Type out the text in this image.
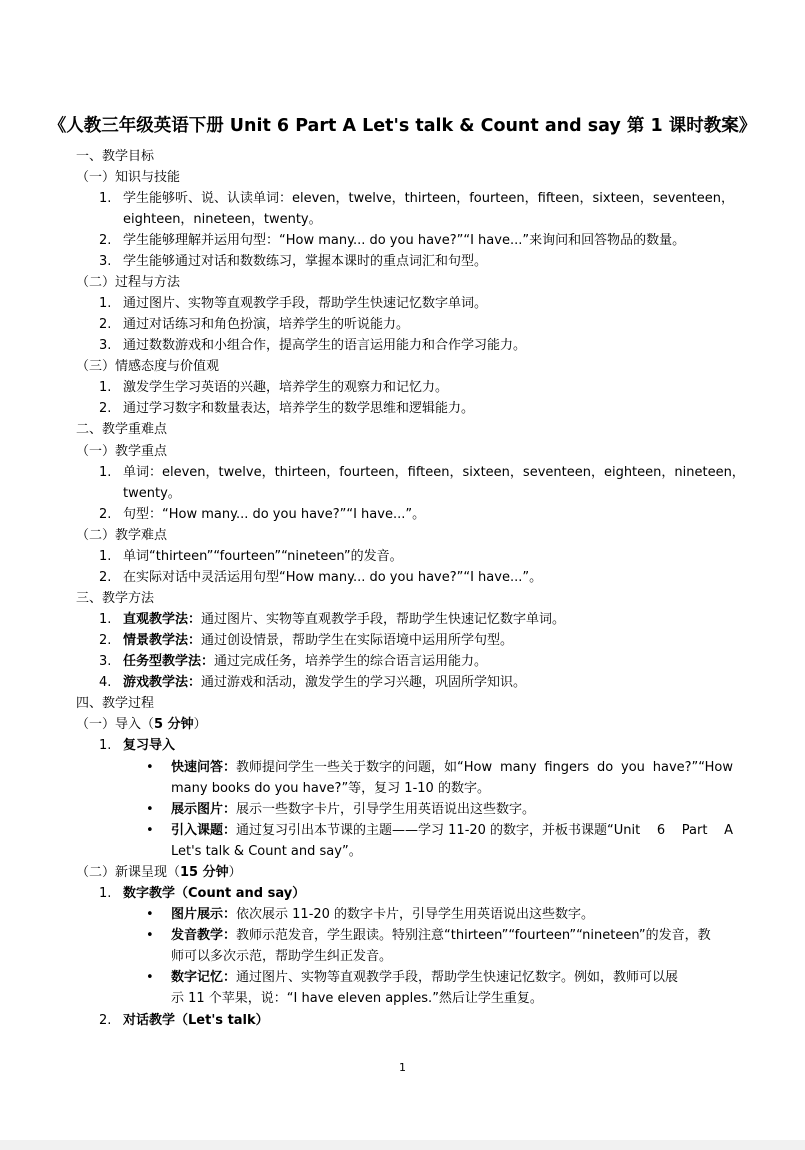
《人教三年级英语下册 Unit 6 Part A Let's talk & Count and say 第 1 课时教案》
一、教学目标
（一）知识与技能
1. 学生能够听、说、认读单词：eleven，twelve，thirteen，fourteen，fifteen，sixteen，seventeen，
eighteen，nineteen，twenty。
2. 学生能够理解并运用句型：“How many... do you have?”“I have...”来询问和回答物品的数量。
3. 学生能够通过对话和数数练习，掌握本课时的重点词汇和句型。
（二）过程与方法
1. 通过图片、实物等直观教学手段，帮助学生快速记忆数字单词。
2. 通过对话练习和角色扮演，培养学生的听说能力。
3. 通过数数游戏和小组合作，提高学生的语言运用能力和合作学习能力。
（三）情感态度与价值观
1. 激发学生学习英语的兴趣，培养学生的观察力和记忆力。
2. 通过学习数字和数量表达，培养学生的数学思维和逻辑能力。
二、教学重难点
（一）教学重点
1. 单词：eleven，twelve，thirteen，fourteen，fifteen，sixteen，seventeen，eighteen，nineteen，
twenty。
2. 句型：“How many... do you have?”“I have...”。
（二）教学难点
1. 单词“thirteen”“fourteen”“nineteen”的发音。
2. 在实际对话中灵活运用句型“How many... do you have?”“I have...”。
三、教学方法
1. 直观教学法：通过图片、实物等直观教学手段，帮助学生快速记忆数字单词。
2. 情景教学法：通过创设情景，帮助学生在实际语境中运用所学句型。
3. 任务型教学法：通过完成任务，培养学生的综合语言运用能力。
4. 游戏教学法：通过游戏和活动，激发学生的学习兴趣，巩固所学知识。
四、教学过程
（一）导入（5 分钟）
1. 复习导入
• 快速问答：教师提问学生一些关于数字的问题，如“How many fingers do you have?”“How
many books do you have?”等，复习 1-10 的数字。
• 展示图片：展示一些数字卡片，引导学生用英语说出这些数字。
• 引入课题：通过复习引出本节课的主题——学习 11-20 的数字，并板书课题“Unit 6 Part A
Let's talk & Count and say”。
（二）新课呈现（15 分钟）
1. 数字教学（Count and say）
• 图片展示：依次展示 11-20 的数字卡片，引导学生用英语说出这些数字。
• 发音教学：教师示范发音，学生跟读。特别注意“thirteen”“fourteen”“nineteen”的发音，教
师可以多次示范，帮助学生纠正发音。
• 数字记忆：通过图片、实物等直观教学手段，帮助学生快速记忆数字。例如，教师可以展
示 11 个苹果，说：“I have eleven apples.”然后让学生重复。
2. 对话教学（Let's talk）
1
